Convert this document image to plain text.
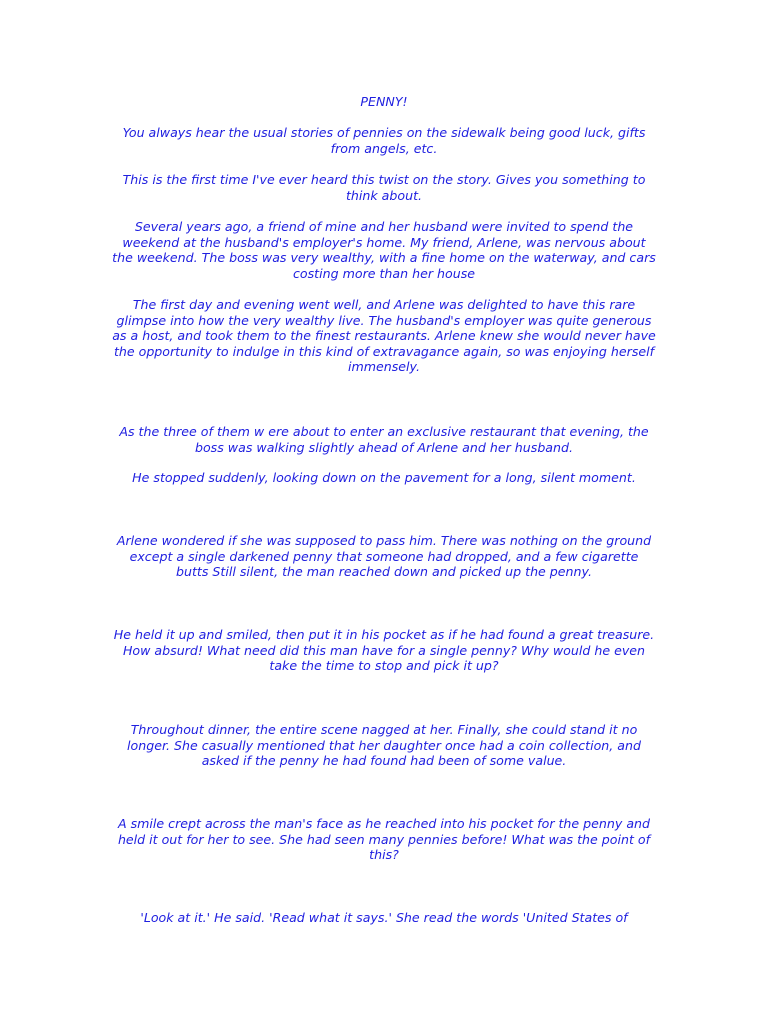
PENNY!

You always hear the usual stories of pennies on the sidewalk being good luck, gifts from angels, etc.

This is the first time I've ever heard this twist on the story. Gives you something to think about.

Several years ago, a friend of mine and her husband were invited to spend the weekend at the husband's employer's home. My friend, Arlene, was nervous about the weekend. The boss was very wealthy, with a fine home on the waterway, and cars costing more than her house

The first day and evening went well, and Arlene was delighted to have this rare glimpse into how the very wealthy live. The husband's employer was quite generous as a host, and took them to the finest restaurants. Arlene knew she would never have the opportunity to indulge in this kind of extravagance again, so was enjoying herself immensely.

As the three of them w ere about to enter an exclusive restaurant that evening, the boss was walking slightly ahead of Arlene and her husband.

He stopped suddenly, looking down on the pavement for a long, silent moment.

Arlene wondered if she was supposed to pass him. There was nothing on the ground except a single darkened penny that someone had dropped, and a few cigarette butts Still silent, the man reached down and picked up the penny.

He held it up and smiled, then put it in his pocket as if he had found a great treasure. How absurd! What need did this man have for a single penny? Why would he even take the time to stop and pick it up?

Throughout dinner, the entire scene nagged at her. Finally, she could stand it no longer. She casually mentioned that her daughter once had a coin collection, and asked if the penny he had found had been of some value.

A smile crept across the man's face as he reached into his pocket for the penny and held it out for her to see. She had seen many pennies before! What was the point of this?

'Look at it.' He said. 'Read what it says.' She read the words 'United States of
